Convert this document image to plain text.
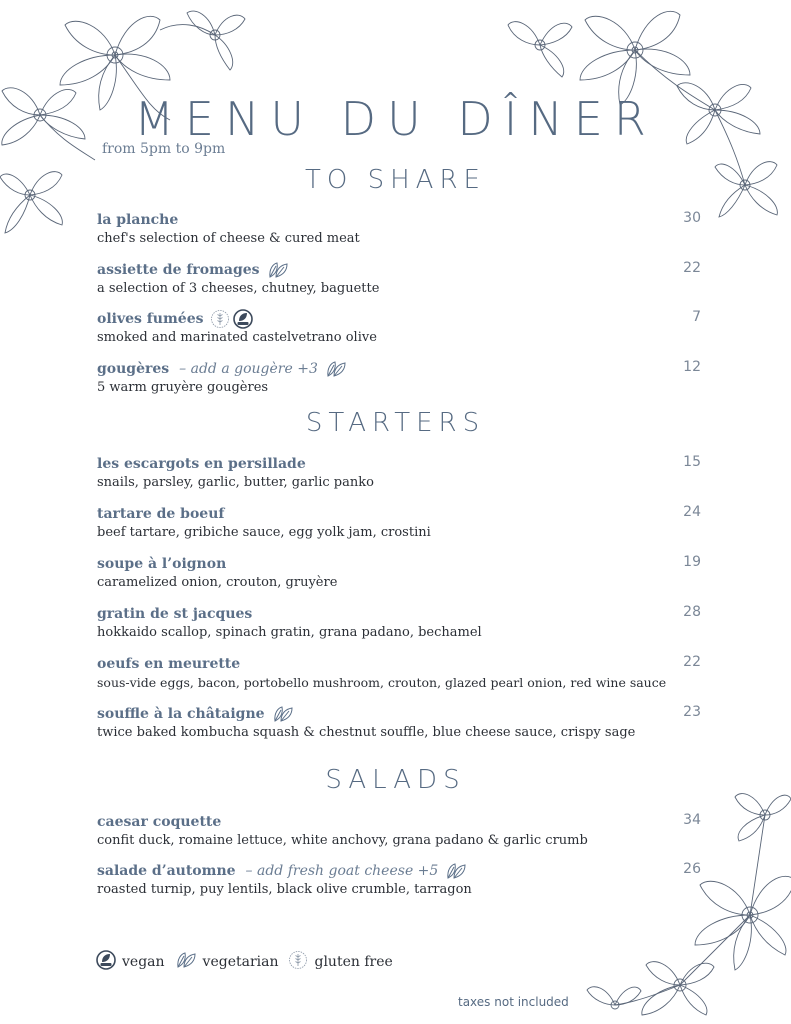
MENU DU DÎNER
from 5pm to 9pm
TO SHARE
STARTERS
SALADS
la planche
chef's selection of cheese & cured meat
30
assiette de fromages
a selection of 3 cheeses, chutney, baguette
22
olives fumées
smoked and marinated castelvetrano olive
7
gougères – add a gougère +3
5 warm gruyère gougères
12
les escargots en persillade
snails, parsley, garlic, butter, garlic panko
15
tartare de boeuf
beef tartare, gribiche sauce, egg yolk jam, crostini
24
soupe à l’oignon
caramelized onion, crouton, gruyère
19
gratin de st jacques
hokkaido scallop, spinach gratin, grana padano, bechamel
28
oeufs en meurette
sous-vide eggs, bacon, portobello mushroom, crouton, glazed pearl onion, red wine sauce
22
souffle à la châtaigne
twice baked kombucha squash & chestnut souffle, blue cheese sauce, crispy sage
23
caesar coquette
confit duck, romaine lettuce, white anchovy, grana padano & garlic crumb
34
salade d’automne – add fresh goat cheese +5
roasted turnip, puy lentils, black olive crumble, tarragon
26
vegan	vegetarian	gluten free
taxes not included
